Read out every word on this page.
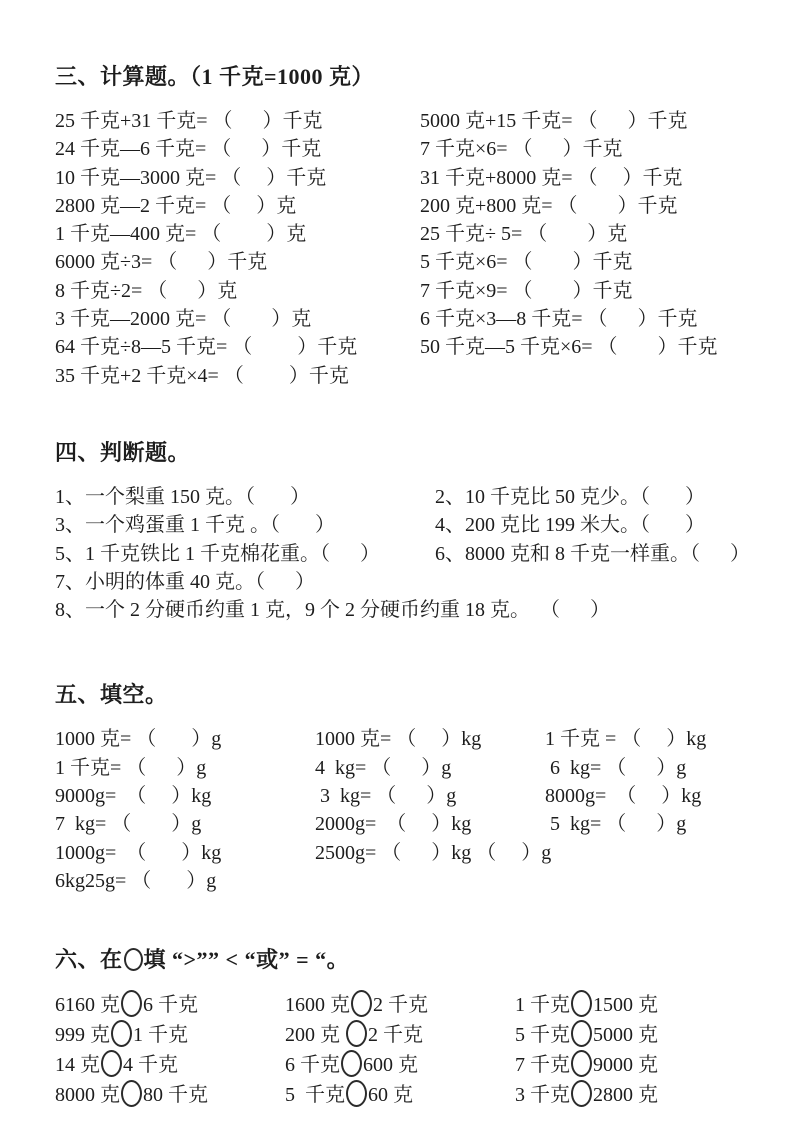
三、计算题。（1 千克=1000 克）
25 千克+31 千克= （      ）千克	5000 克+15 千克= （      ）千克
24 千克—6 千克= （      ）千克	7 千克×6= （      ）千克
10 千克—3000 克= （     ）千克	31 千克+8000 克= （     ）千克
2800 克—2 千克= （     ）克	200 克+800 克= （        ）千克
1 千克—400 克= （         ）克	25 千克÷ 5= （        ）克
6000 克÷3= （      ）千克	5 千克×6= （        ）千克
8 千克÷2= （      ）克	7 千克×9= （        ）千克
3 千克—2000 克= （        ）克	6 千克×3—8 千克= （      ）千克
64 千克÷8—5 千克= （         ）千克	50 千克—5 千克×6= （        ）千克
35 千克+2 千克×4= （         ）千克
四、判断题。
1、一个梨重 150 克。（       ）	2、10 千克比 50 克少。（       ）
3、一个鸡蛋重 1 千克 。（       ）	4、200 克比 199 米大。（       ）
5、1 千克铁比 1 千克棉花重。（      ）	6、8000 克和 8 千克一样重。（      ）
7、小明的体重 40 克。（      ）
8、一个 2 分硬币约重 1 克，9 个 2 分硬币约重 18 克。  （      ）
五、填空。
1000 克= （       ）g	1000 克= （     ）kg	1 千克 = （     ）kg
1 千克= （      ）g	4  kg= （      ）g	6  kg= （      ）g
9000g=  （     ）kg	3  kg= （      ）g	8000g=  （     ）kg
7  kg= （        ）g	2000g=  （     ）kg	5  kg= （      ）g
1000g=  （       ）kg	2500g= （      ）kg （     ）g
6kg25g= （       ）g
六、在 填 “>”” < “或” = “。
6160 克 6 千克	1600 克 2 千克	1 千克 1500 克
999 克 1 千克	200 克 2 千克	5 千克 5000 克
14 克 4 千克	6 千克 600 克	7 千克 9000 克
8000 克 80 千克	5  千克 60 克	3 千克 2800 克
